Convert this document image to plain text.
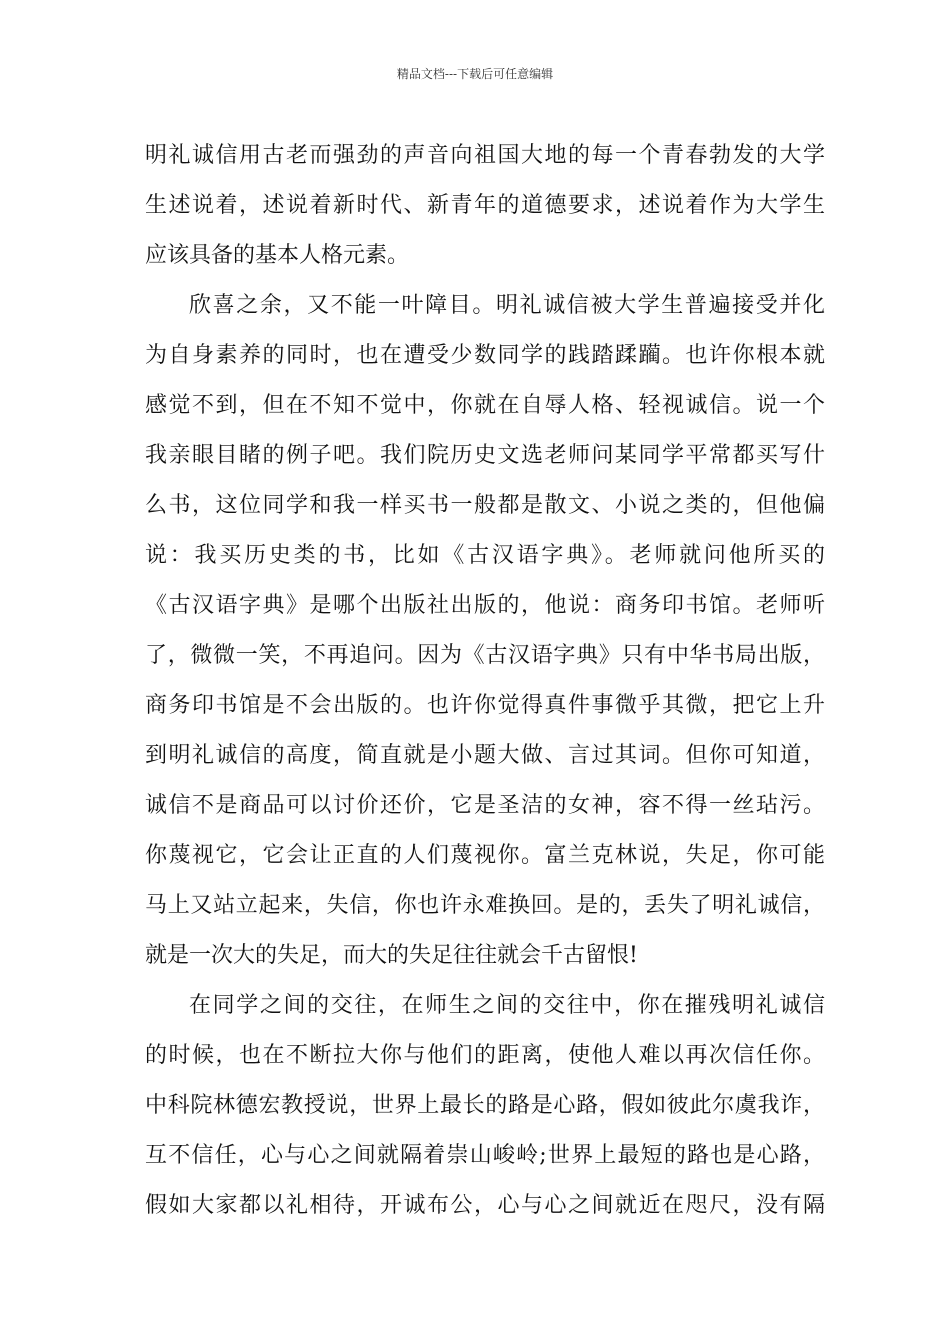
精品文档---下载后可任意编辑
明礼诚信用古老而强劲的声音向祖国大地的每一个青春勃发的大学
生述说着，述说着新时代、新青年的道德要求，述说着作为大学生
应该具备的基本人格元素。
欣喜之余，又不能一叶障目。明礼诚信被大学生普遍接受并化
为自身素养的同时，也在遭受少数同学的践踏蹂躏。也许你根本就
感觉不到，但在不知不觉中，你就在自辱人格、轻视诚信。说一个
我亲眼目睹的例子吧。我们院历史文选老师问某同学平常都买写什
么书，这位同学和我一样买书一般都是散文、小说之类的，但他偏
说：我买历史类的书，比如《古汉语字典》。老师就问他所买的
《古汉语字典》是哪个出版社出版的，他说：商务印书馆。老师听
了，微微一笑，不再追问。因为《古汉语字典》只有中华书局出版，
商务印书馆是不会出版的。也许你觉得真件事微乎其微，把它上升
到明礼诚信的高度，简直就是小题大做、言过其词。但你可知道，
诚信不是商品可以讨价还价，它是圣洁的女神，容不得一丝玷污。
你蔑视它，它会让正直的人们蔑视你。富兰克林说，失足，你可能
马上又站立起来，失信，你也许永难换回。是的，丢失了明礼诚信，
就是一次大的失足，而大的失足往往就会千古留恨!
在同学之间的交往，在师生之间的交往中，你在摧残明礼诚信
的时候，也在不断拉大你与他们的距离，使他人难以再次信任你。
中科院林德宏教授说，世界上最长的路是心路，假如彼此尔虞我诈，
互不信任，心与心之间就隔着崇山峻岭;世界上最短的路也是心路，
假如大家都以礼相待，开诚布公，心与心之间就近在咫尺，没有隔
